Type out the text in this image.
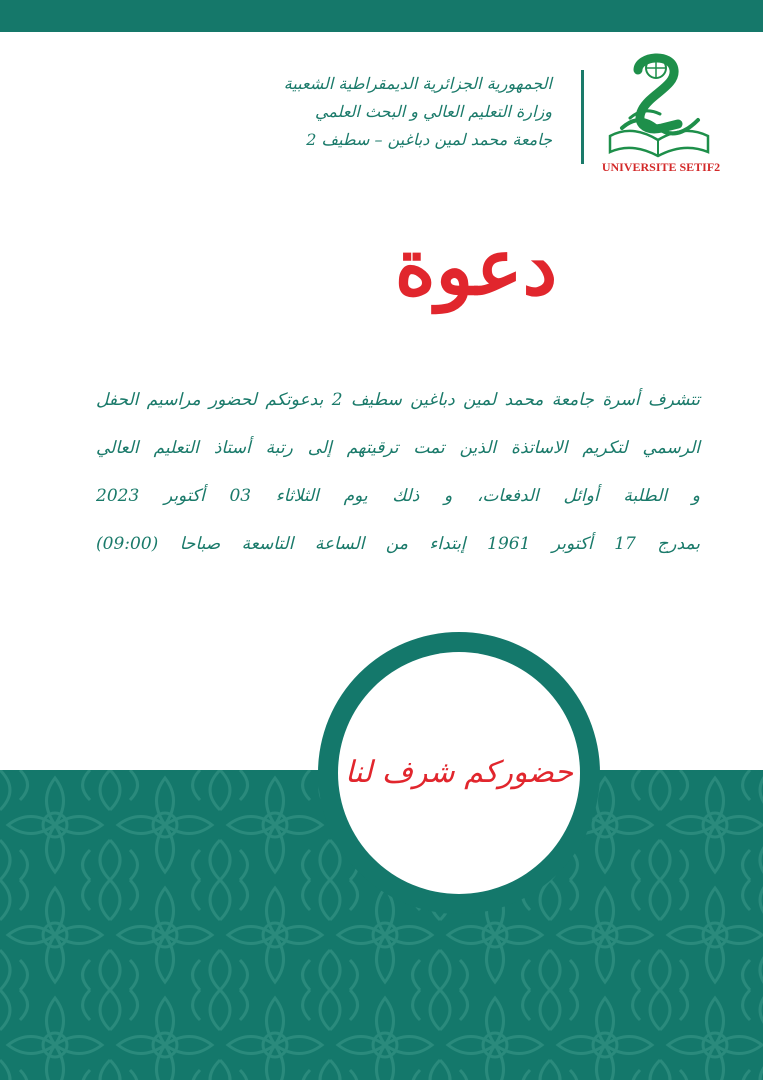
الجمهورية الجزائرية الديمقراطية الشعبية
وزارة التعليم العالي و البحث العلمي
جامعة محمد لمين دباغين – سطيف 2
UNIVERSITE SETIF2
دعوة
تتشرف أسرة جامعة محمد لمين دباغين سطيف 2 بدعوتكم لحضور مراسيم الحفل
الرسمي لتكريم الاساتذة الذين تمت ترقيتهم إلى رتبة أستاذ التعليم العالي
و الطلبة أوائل الدفعات، و ذلك يوم الثلاثاء 03 أكتوبر 2023
بمدرج 17 أكتوبر 1961 إبتداء من الساعة التاسعة صباحا (09:00)
حضوركم شرف لنا
